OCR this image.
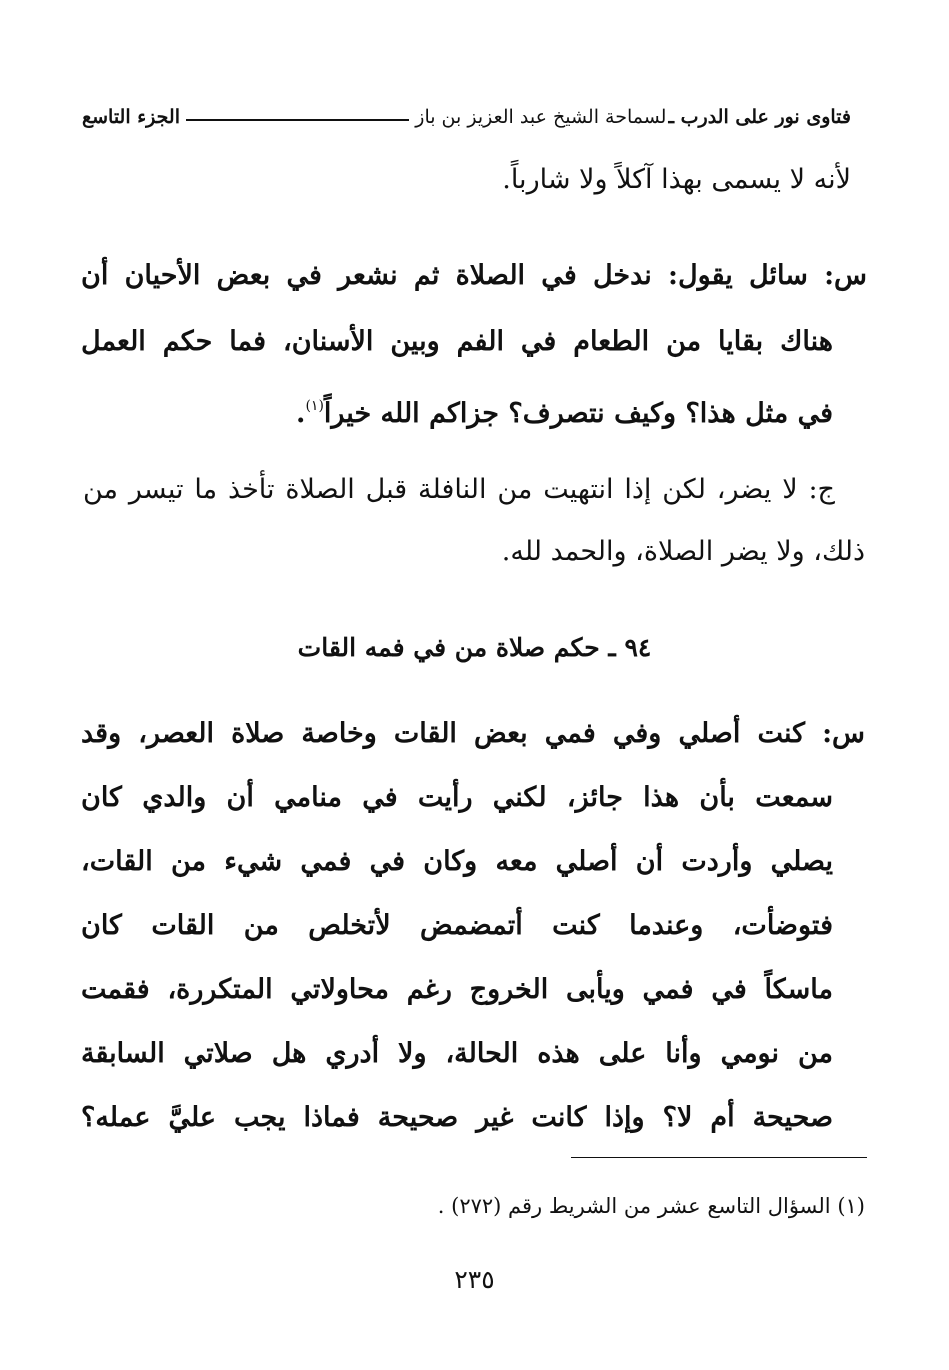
فتاوى نور على الدرب ـ
لسماحة الشيخ عبد العزيز بن باز
الجزء التاسع
لأنه لا يسمى بهذا آكلاً ولا شارباً.
س: سائل يقول: ندخل في الصلاة ثم نشعر في بعض الأحيان أن
هناك بقايا من الطعام في الفم وبين الأسنان، فما حكم العمل
في مثل هذا؟ وكيف نتصرف؟ جزاكم الله خيراً$^{(١)}$.
ج: لا يضر، لكن إذا انتهيت من النافلة قبل الصلاة تأخذ ما تيسر من
ذلك، ولا يضر الصلاة، والحمد لله.
٩٤ ـ حكم صلاة من في فمه القات
س: كنت أصلي وفي فمي بعض القات وخاصة صلاة العصر، وقد
سمعت بأن هذا جائز، لكني رأيت في منامي أن والدي كان
يصلي وأردت أن أصلي معه وكان في فمي شيء من القات،
فتوضأت، وعندما كنت أتمضمض لأتخلص من القات كان
ماسكاً في فمي ويأبى الخروج رغم محاولاتي المتكررة، فقمت
من نومي وأنا على هذه الحالة، ولا أدري هل صلاتي السابقة
صحيحة أم لا؟ وإذا كانت غير صحيحة فماذا يجب عليَّ عمله؟
(١) السؤال التاسع عشر من الشريط رقم (٢٧٢) .
٢٣٥
